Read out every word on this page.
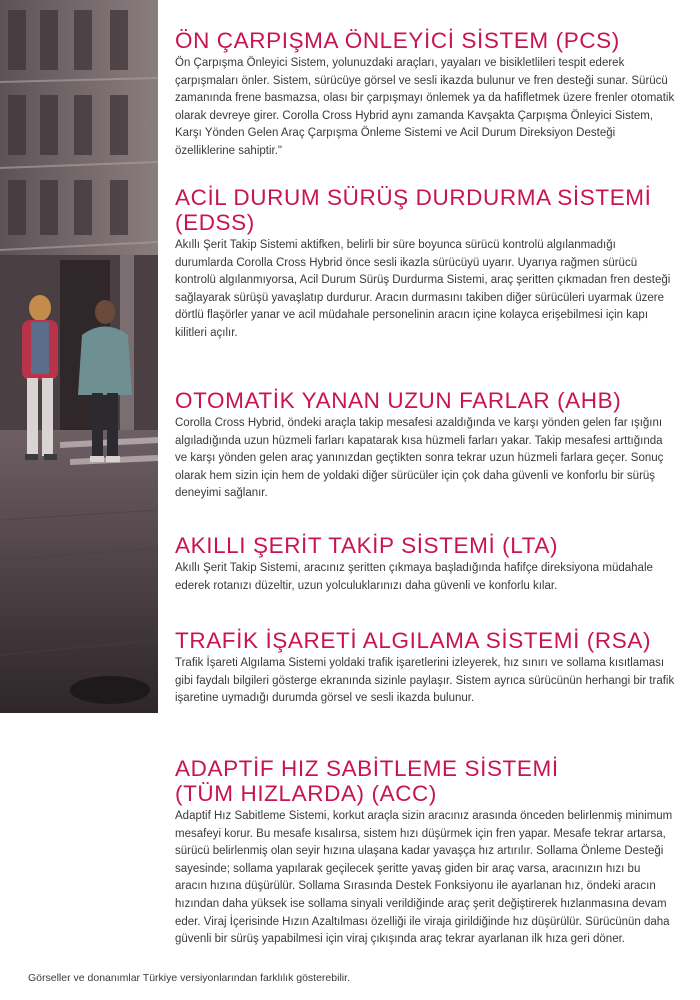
ÖN ÇARPIŞMA ÖNLEYİCİ SİSTEM (PCS)

Ön Çarpışma Önleyici Sistem, yolunuzdaki araçları, yayaları ve bisikletlileri tespit ederek çarpışmaları önler. Sistem, sürücüye görsel ve sesli ikazda bulunur ve fren desteği sunar. Sürücü zamanında frene basmazsa, olası bir çarpışmayı önlemek ya da hafifletmek üzere frenler otomatik olarak devreye girer. Corolla Cross Hybrid aynı zamanda Kavşakta Çarpışma Önleyici Sistem, Karşı Yönden Gelen Araç Çarpışma Önleme Sistemi ve Acil Durum Direksiyon Desteği özelliklerine sahiptir."

ACİL DURUM SÜRÜŞ DURDURMA SİSTEMİ
(EDSS)

Akıllı Şerit Takip Sistemi aktifken, belirli bir süre boyunca sürücü kontrolü algılanmadığı durumlarda Corolla Cross Hybrid önce sesli ikazla sürücüyü uyarır. Uyarıya rağmen sürücü kontrolü algılanmıyorsa, Acil Durum Sürüş Durdurma Sistemi, araç şeritten çıkmadan fren desteği sağlayarak sürüşü yavaşlatıp durdurur. Aracın durmasını takiben diğer sürücüleri uyarmak üzere dörtlü flaşörler yanar ve acil müdahale personelinin aracın içine kolayca erişebilmesi için kapı kilitleri açılır.

OTOMATİK YANAN UZUN FARLAR (AHB)

Corolla Cross Hybrid, öndeki araçla takip mesafesi azaldığında ve karşı yönden gelen far ışığını algıladığında uzun hüzmeli farları kapatarak kısa hüzmeli farları yakar. Takip mesafesi arttığında ve karşı yönden gelen araç yanınızdan geçtikten sonra tekrar uzun hüzmeli farlara geçer. Sonuç olarak hem sizin için hem de yoldaki diğer sürücüler için çok daha güvenli ve konforlu bir sürüş deneyimi sağlanır.

AKILLI ŞERİT TAKİP SİSTEMİ (LTA)

Akıllı Şerit Takip Sistemi, aracınız şeritten çıkmaya başladığında hafifçe direksiyona müdahale ederek rotanızı düzeltir, uzun yolculuklarınızı daha güvenli ve konforlu kılar.

TRAFİK İŞARETİ ALGILAMA SİSTEMİ (RSA)

Trafik İşareti Algılama Sistemi yoldaki trafik işaretlerini izleyerek, hız sınırı ve sollama kısıtlaması gibi faydalı bilgileri gösterge ekranında sizinle paylaşır. Sistem ayrıca sürücünün herhangi bir trafik işaretine uymadığı durumda görsel ve sesli ikazda bulunur.

ADAPTİF HIZ SABİTLEME SİSTEMİ
(TÜM HIZLARDA) (ACC)

Adaptif Hız Sabitleme Sistemi, korkut araçla sizin aracınız arasında önceden belirlenmiş minimum mesafeyi korur. Bu mesafe kısalırsa, sistem hızı düşürmek için fren yapar. Mesafe tekrar artarsa, sürücü belirlenmiş olan seyir hızına ulaşana kadar yavaşça hız artırılır. Sollama Önleme Desteği sayesinde; sollama yapılarak geçilecek şeritte yavaş giden bir araç varsa, aracınızın hızı bu aracın hızına düşürülür. Sollama Sırasında Destek Fonksiyonu ile ayarlanan hız, öndeki aracın hızından daha yüksek ise sollama sinyali verildiğinde araç şerit değiştirerek hızlanmasına devam eder. Viraj İçerisinde Hızın Azaltılması özelliği ile viraja girildiğinde hız düşürülür. Sürücünün daha güvenli bir sürüş yapabilmesi için viraj çıkışında araç tekrar ayarlanan ilk hıza geri döner.

Görseller ve donanımlar Türkiye versiyonlarından farklılık gösterebilir.
